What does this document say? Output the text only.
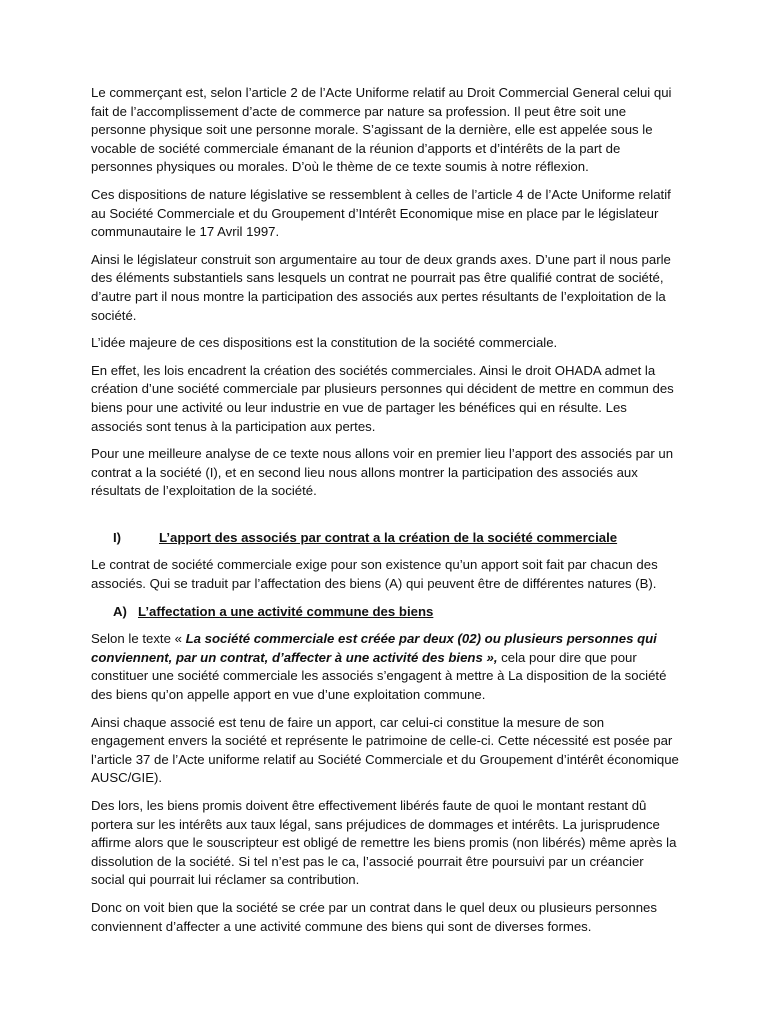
Le commerçant est, selon l’article 2 de l’Acte Uniforme relatif au Droit Commercial General celui qui fait de l’accomplissement d’acte de commerce par nature sa profession. Il peut être soit une personne physique soit une personne morale. S’agissant de la dernière, elle est appelée sous le vocable de société commerciale émanant de la réunion d’apports et d’intérêts de la part de personnes physiques ou morales. D’où le thème de ce texte soumis à notre réflexion.

Ces dispositions de nature législative se ressemblent à celles de l’article 4 de l’Acte Uniforme relatif au Société Commerciale et du Groupement d’Intérêt Economique mise en place par le législateur communautaire le 17 Avril 1997.

Ainsi le législateur construit son argumentaire au tour de deux grands axes. D’une part il nous parle des éléments substantiels sans lesquels un contrat ne pourrait pas être qualifié contrat de société, d’autre part il nous montre la participation des associés aux pertes résultants de l’exploitation de la société.

L’idée majeure de ces dispositions est la constitution de la société commerciale.

En effet, les lois encadrent la création des sociétés commerciales. Ainsi le droit OHADA admet la création d’une société commerciale par plusieurs personnes qui décident de mettre en commun des biens pour une activité ou leur industrie en vue de partager les bénéfices qui en résulte. Les associés sont tenus à la participation aux pertes.

Pour une meilleure analyse de ce texte nous allons voir en premier lieu l’apport des associés par un contrat a la société (I), et en second lieu nous allons montrer la participation des associés aux résultats de l’exploitation de la société.

I)	L’apport des associés par contrat a la création de la société commerciale

Le contrat de société commerciale exige pour son existence qu’un apport soit fait par chacun des associés. Qui se traduit par l’affectation des biens (A) qui peuvent être de différentes natures (B).

A) L’affectation a une activité commune des biens

Selon le texte « La société commerciale est créée par deux (02) ou plusieurs personnes qui conviennent, par un contrat, d’affecter à une activité des biens », cela pour dire que pour constituer une société commerciale les associés s’engagent à mettre à La disposition de la société des biens qu’on appelle apport en vue d’une exploitation commune.

Ainsi chaque associé est tenu de faire un apport, car celui-ci constitue la mesure de son engagement envers la société et représente le patrimoine de celle-ci. Cette nécessité est posée par l’article 37 de l’Acte uniforme relatif au Société Commerciale et du Groupement d’intérêt économique AUSC/GIE).

Des lors, les biens promis doivent être effectivement libérés faute de quoi le montant restant dû portera sur les intérêts aux taux légal, sans préjudices de dommages et intérêts. La jurisprudence affirme alors que le souscripteur est obligé de remettre les biens promis (non libérés) même après la dissolution de la société. Si tel n’est pas le ca, l’associé pourrait être poursuivi par un créancier social qui pourrait lui réclamer sa contribution.

Donc on voit bien que la société se crée par un contrat dans le quel deux ou plusieurs personnes conviennent d’affecter a une activité commune des biens qui sont de diverses formes.
